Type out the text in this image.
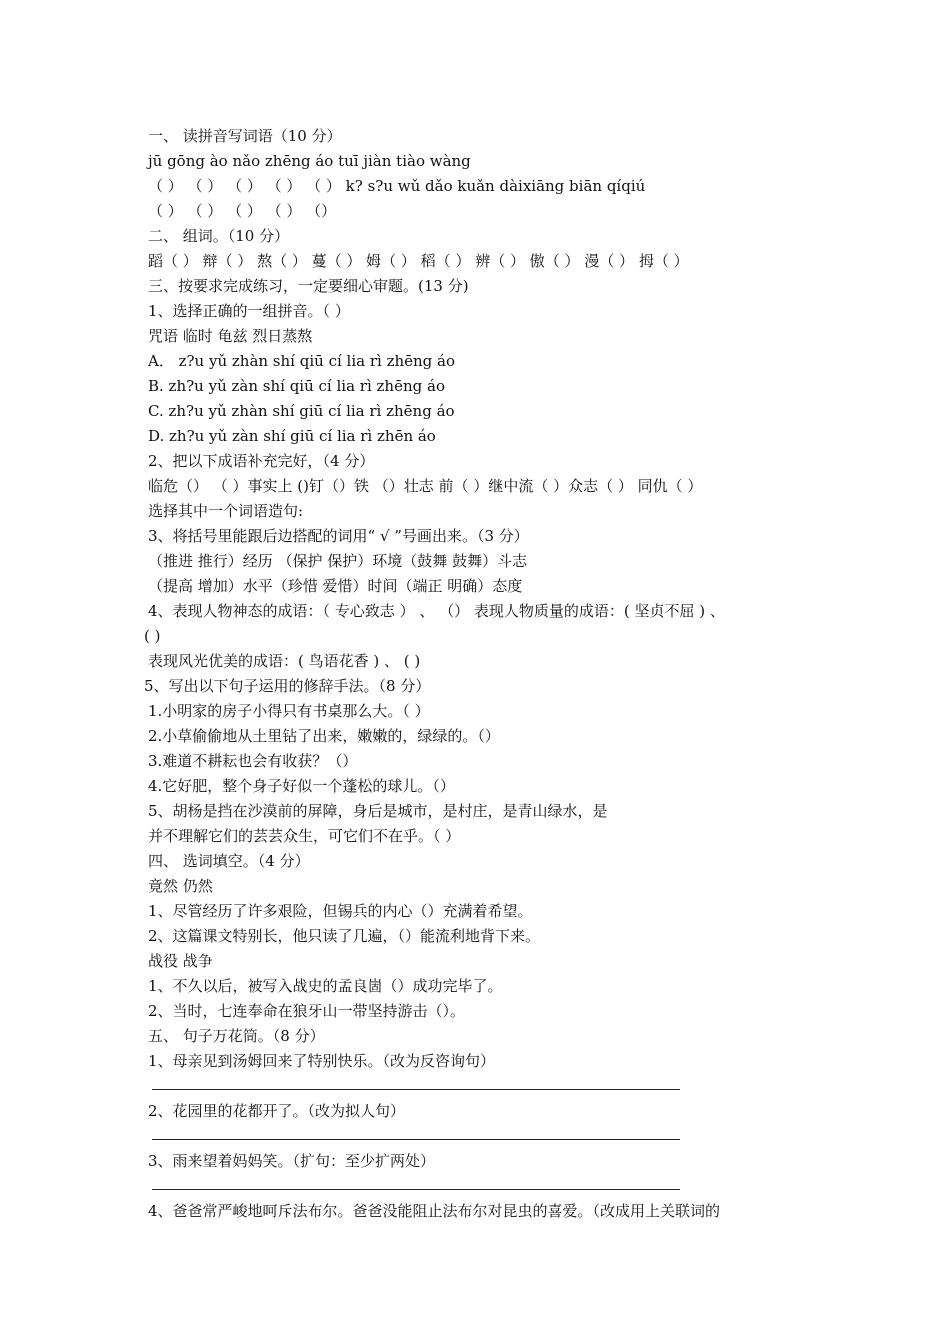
一、 读拼音写词语（10 分）
jū gōng ào nǎo zhēng áo tuī jiàn tiào wàng
（ ） （ ） （ ） （ ） （ ） k? s?u wǔ dǎo kuǎn dàixiāng biān qíqiú
（ ） （ ） （ ） （ ） （）
二、 组词。（10 分）
蹈（ ） 辩（ ） 熬（ ） 蔓（ ） 姆（ ） 稻（ ） 辨（ ） 傲（ ） 漫（ ） 拇（ ）
三、按要求完成练习，一定要细心审题。(13 分)
1、选择正确的一组拼音。（ ）
咒语 临时 龟兹 烈日蒸熬
A． z?u yǔ zhàn shí qiū cí lia rì zhēng áo
B. zh?u yǔ zàn shí qiū cí lia rì zhēng áo
C. zh?u yǔ zhàn shí giū cí lia rì zhēng áo
D. zh?u yǔ zàn shí giū cí lia rì zhēn áo
2、把以下成语补充完好，（4 分）
临危（） （ ）事实上 ()钉（）铁 （）壮志 前（ ）继中流（ ）众志（ ） 同仇（ ）
选择其中一个词语造句:
3、将括号里能跟后边搭配的词用“ √ ”号画出来。（3 分）
（推进 推行）经历 （保护 保护）环境（鼓舞 鼓舞）斗志
（提高 增加）水平（珍惜 爱惜）时间（端正 明确）态度
4、表现人物神态的成语：（ 专心致志 ） 、 （） 表现人物质量的成语：( 坚贞不屈 ) 、
( )
表现风光优美的成语：( 鸟语花香 ) 、 ( )
5、写出以下句子运用的修辞手法。（8 分）
1.小明家的房子小得只有书桌那么大。（ ）
2.小草偷偷地从土里钻了出来，嫩嫩的，绿绿的。（）
3.难道不耕耘也会有收获？（）
4.它好肥，整个身子好似一个蓬松的球儿。（）
5、胡杨是挡在沙漠前的屏障，身后是城市，是村庄，是青山绿水，是
并不理解它们的芸芸众生，可它们不在乎。（ ）
四、 选词填空。（4 分）
竟然 仍然
1、尽管经历了许多艰险，但锡兵的内心（）充满着希望。
2、这篇课文特别长，他只读了几遍，（）能流利地背下来。
战役 战争
1、不久以后，被写入战史的孟良崮（）成功完毕了。
2、当时，七连奉命在狼牙山一带坚持游击（）。
五、 句子万花筒。（8 分）
1、母亲见到汤姆回来了特别快乐。（改为反咨询句）
2、花园里的花都开了。（改为拟人句）
3、雨来望着妈妈笑。（扩句：至少扩两处）
4、爸爸常严峻地呵斥法布尔。爸爸没能阻止法布尔对昆虫的喜爱。（改成用上关联词的
